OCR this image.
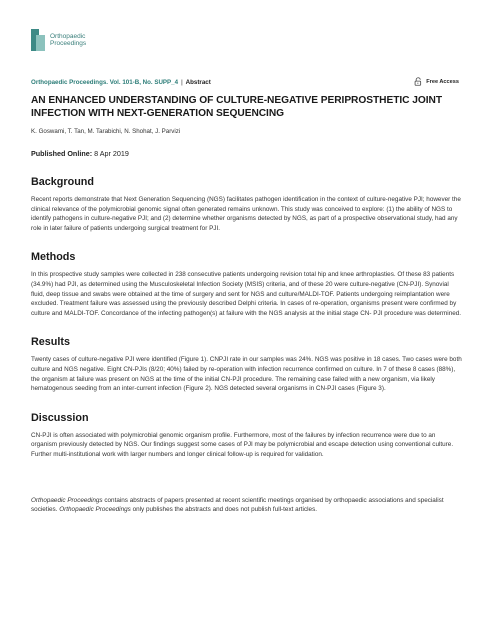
Orthopaedic
Proceedings
Orthopaedic Proceedings. Vol. 101-B, No. SUPP_4 | Abstract	Free Access
AN ENHANCED UNDERSTANDING OF CULTURE-NEGATIVE PERIPROSTHETIC JOINT INFECTION WITH NEXT-GENERATION SEQUENCING
K. Goswami, T. Tan, M. Tarabichi, N. Shohat, J. Parvizi
Published Online: 8 Apr 2019
Background

Recent reports demonstrate that Next Generation Sequencing (NGS) facilitates pathogen identification in the context of culture-negative PJI; however the clinical relevance of the polymicrobial genomic signal often generated remains unknown. This study was conceived to explore: (1) the ability of NGS to identify pathogens in culture-negative PJI; and (2) determine whether organisms detected by NGS, as part of a prospective observational study, had any role in later failure of patients undergoing surgical treatment for PJI.

Methods

In this prospective study samples were collected in 238 consecutive patients undergoing revision total hip and knee arthroplasties. Of these 83 patients (34.9%) had PJI, as determined using the Musculoskeletal Infection Society (MSIS) criteria, and of these 20 were culture-negative (CN-PJI). Synovial fluid, deep tissue and swabs were obtained at the time of surgery and sent for NGS and culture/MALDI-TOF. Patients undergoing reimplantation were excluded. Treatment failure was assessed using the previously described Delphi criteria. In cases of re-operation, organisms present were confirmed by culture and MALDI-TOF. Concordance of the infecting pathogen(s) at failure with the NGS analysis at the initial stage CN- PJI procedure was determined.

Results

Twenty cases of culture-negative PJI were identified (Figure 1). CNPJI rate in our samples was 24%. NGS was positive in 18 cases. Two cases were both culture and NGS negative. Eight CN-PJIs (8/20; 40%) failed by re-operation with infection recurrence confirmed on culture. In 7 of these 8 cases (88%), the organism at failure was present on NGS at the time of the initial CN-PJI procedure. The remaining case failed with a new organism, via likely hematogenous seeding from an inter-current infection (Figure 2). NGS detected several organisms in CN-PJI cases (Figure 3).

Discussion

CN-PJI is often associated with polymicrobial genomic organism profile. Furthermore, most of the failures by infection recurrence were due to an organism previously detected by NGS. Our findings suggest some cases of PJI may be polymicrobial and escape detection using conventional culture. Further multi-institutional work with larger numbers and longer clinical follow-up is required for validation.

Orthopaedic Proceedings contains abstracts of papers presented at recent scientific meetings organised by orthopaedic associations and specialist societies. Orthopaedic Proceedings only publishes the abstracts and does not publish full-text articles.
